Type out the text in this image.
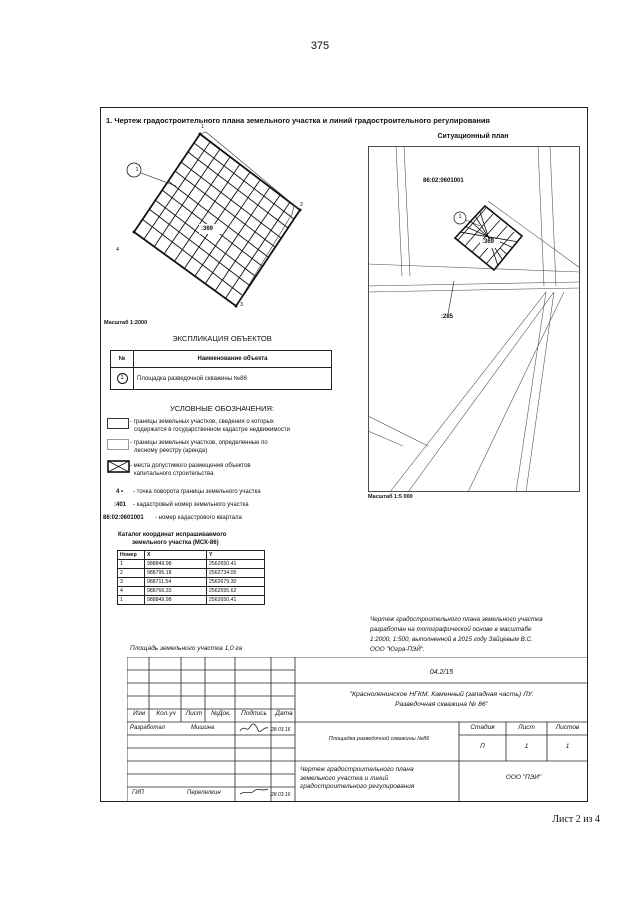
375
1. Чертеж градостроительного плана земельного участка и линий градостроительного регулирования
1
1
2
3
4
:369
Масштаб 1:2000
Ситуационный план
86:02:0601001
1
:369
:285
Масштаб 1:5 000
ЭКСПЛИКАЦИЯ ОБЪЕКТОВ
№	Наименование объекта
1	Площадка разведочной скважины №86
УСЛОВНЫЕ ОБОЗНАЧЕНИЯ:
- границы земельных участков, сведения о которых
содержатся в государственном кадастре недвижимости
- границы земельных участков, определенные по
лесному реестру (аренда)
- места допустимого размещения объектов
капитального строительства
4 • - точка поворота границы земельного участка
:401 - кадастровый номер земельного участка
86:02:0601001 - номер кадастрового квартала
Каталог координат испрашиваемого
земельного участка (МСК-86)
Номер	X	Y
1	988849.98	2562650.41
2	988795.18	2562734.05
3	988711.54	2562679.30
4	988766.33	2562595.62
1	988849.98	2562650.41
Чертеж градостроительного плана земельного участка
разработан на топографической основе в масштабе
1:2000, 1:500, выполненной в 2015 году Зайцевым В.С.
ООО "Югра-ПЭЙ".
Площадь земельного участка 1,0 га
04.2/15
"Красноленинское НГКМ. Каменный (западная часть) ЛУ.
Разведочная скважина № 86"
Изм	Кол.уч	Лист	№Док.	Подпись	Дата
Разработал	Мишина	28.03.16
Площадка разведочной скважины №86
Стадия	Лист	Листов
П	1	1
Чертеж градостроительного плана
земельного участка и линий
градостроительного регулирования
ООО "ПЭИ"
ГИП	Перепелкин	28.03.16
Лист 2 из 4
